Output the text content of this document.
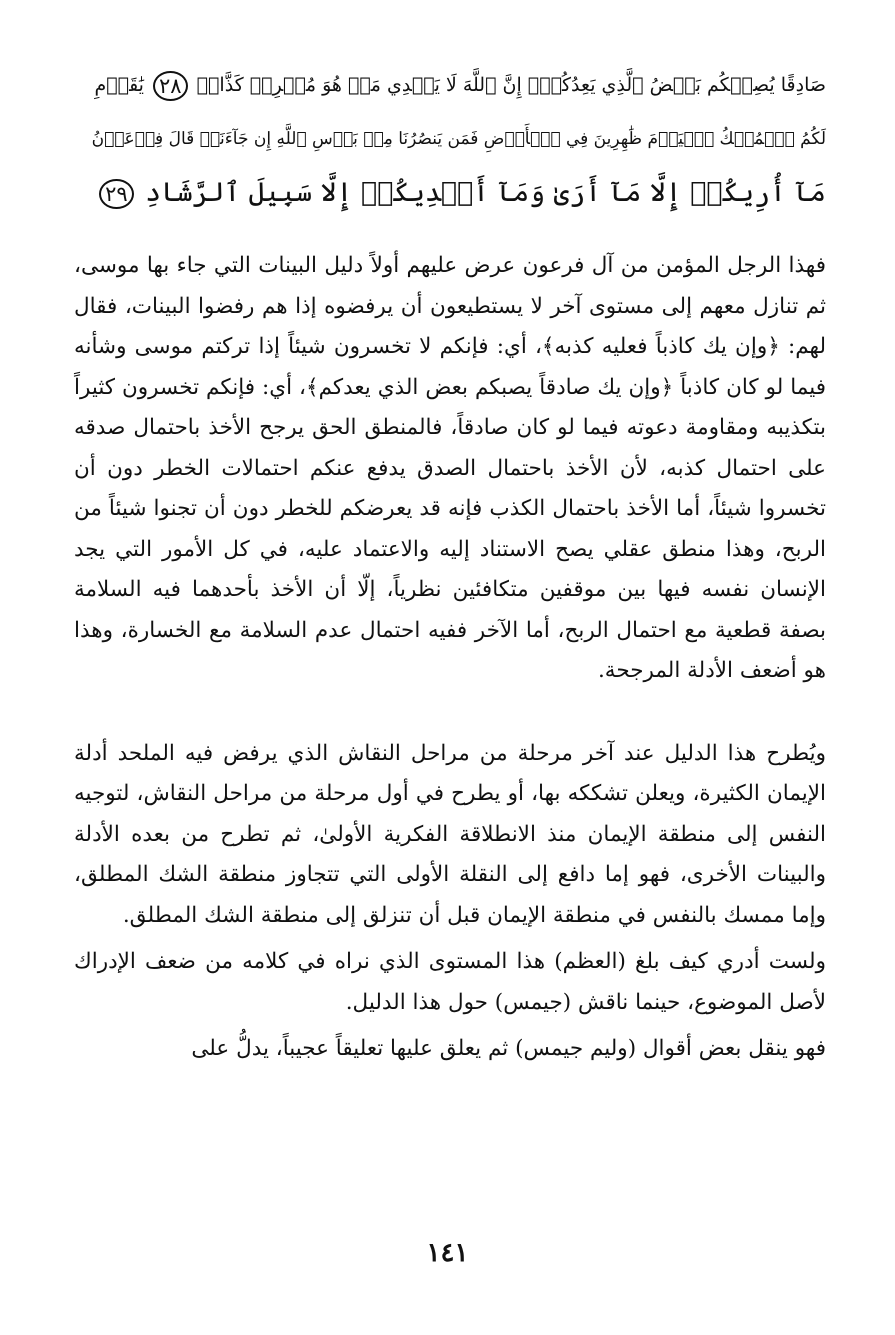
صَادِقًا يُصِبۡكُم بَعۡضُ ٱلَّذِي يَعِدُكُمۡۖ إِنَّ ٱللَّهَ لَا يَهۡدِي مَنۡ هُوَ مُسۡرِفٞ كَذَّابٞ ٢٨ يَٰقَوۡمِ
لَكُمُ ٱلۡمُلۡكُ ٱلۡيَوۡمَ ظَٰهِرِينَ فِي ٱلۡأَرۡضِ فَمَن يَنصُرُنَا مِنۢ بَأۡسِ ٱللَّهِ إِن جَآءَنَاۚ قَالَ فِرۡعَوۡنُ
مَآ أُرِيكُمۡ إِلَّا مَآ أَرَىٰ وَمَآ أَهۡدِيكُمۡ إِلَّا سَبِيلَ ٱلرَّشَادِ ٢٩

فهذا الرجل المؤمن من آل فرعون عرض عليهم أولاً دليل البينات التي جاء بها موسى، ثم تنازل معهم إلى مستوى آخر لا يستطيعون أن يرفضوه إذا هم رفضوا البينات، فقال لهم: ﴿وإن يك كاذباً فعليه كذبه﴾، أي: فإنكم لا تخسرون شيئاً إذا تركتم موسى وشأنه فيما لو كان كاذباً ﴿وإن يك صادقاً يصبكم بعض الذي يعدكم﴾، أي: فإنكم تخسرون كثيراً بتكذيبه ومقاومة دعوته فيما لو كان صادقاً، فالمنطق الحق يرجح الأخذ باحتمال صدقه على احتمال كذبه، لأن الأخذ باحتمال الصدق يدفع عنكم احتمالات الخطر دون أن تخسروا شيئاً، أما الأخذ باحتمال الكذب فإنه قد يعرضكم للخطر دون أن تجنوا شيئاً من الربح، وهذا منطق عقلي يصح الاستناد إليه والاعتماد عليه، في كل الأمور التي يجد الإنسان نفسه فيها بين موقفين متكافئين نظرياً، إلّا أن الأخذ بأحدهما فيه السلامة بصفة قطعية مع احتمال الربح، أما الآخر ففيه احتمال عدم السلامة مع الخسارة، وهذا هو أضعف الأدلة المرجحة.

ويُطرح هذا الدليل عند آخر مرحلة من مراحل النقاش الذي يرفض فيه الملحد أدلة الإيمان الكثيرة، ويعلن تشككه بها، أو يطرح في أول مرحلة من مراحل النقاش، لتوجيه النفس إلى منطقة الإيمان منذ الانطلاقة الفكرية الأولىٰ، ثم تطرح من بعده الأدلة والبينات الأخرى، فهو إما دافع إلى النقلة الأولى التي تتجاوز منطقة الشك المطلق، وإما ممسك بالنفس في منطقة الإيمان قبل أن تنزلق إلى منطقة الشك المطلق.

ولست أدري كيف بلغ (العظم) هذا المستوى الذي نراه في كلامه من ضعف الإدراك لأصل الموضوع، حينما ناقش (جيمس) حول هذا الدليل.

فهو ينقل بعض أقوال (وليم جيمس) ثم يعلق عليها تعليقاً عجيباً، يدلُّ على

١٤١
